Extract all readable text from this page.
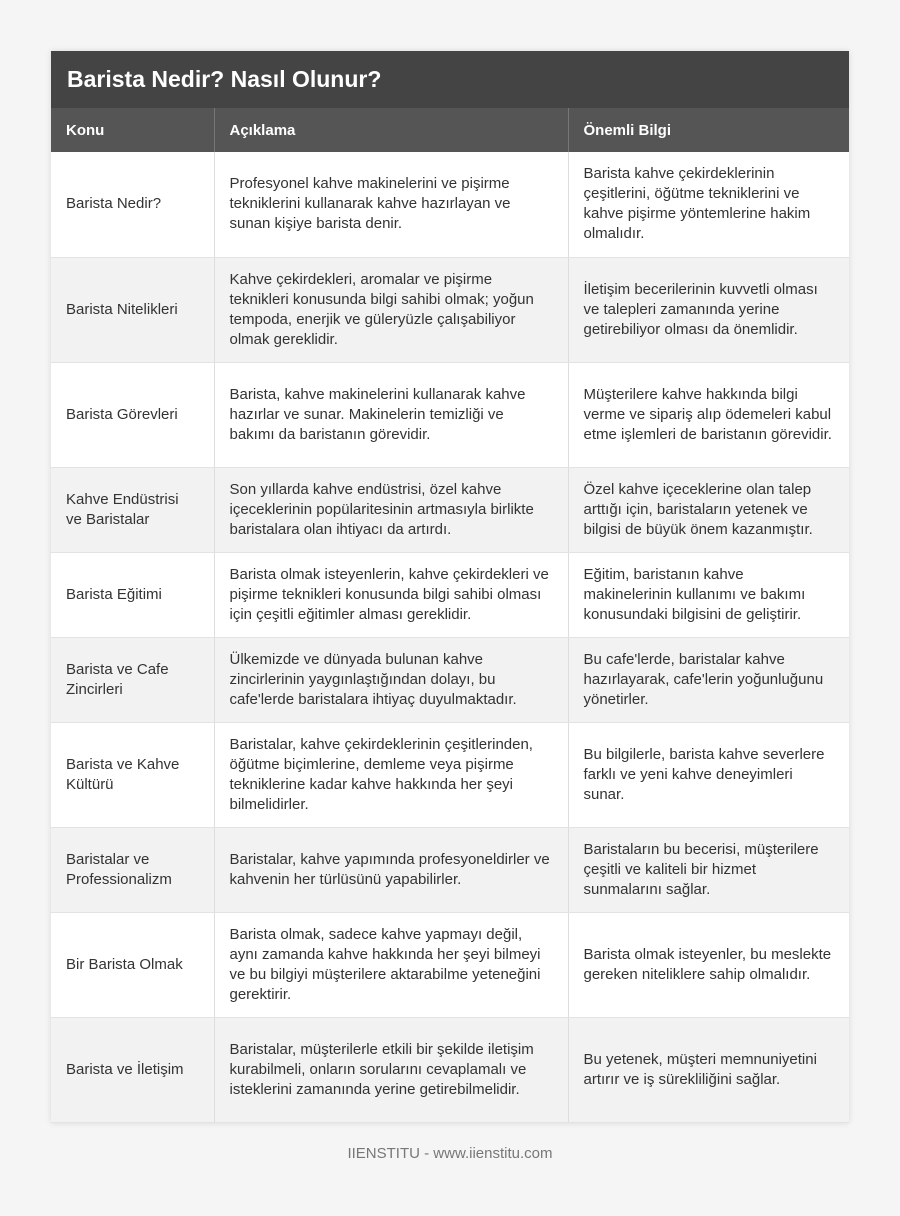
Barista Nedir? Nasıl Olunur?
Konu	Açıklama	Önemli Bilgi
Barista Nedir?	Profesyonel kahve makinelerini ve pişirme tekniklerini kullanarak kahve hazırlayan ve sunan kişiye barista denir.	Barista kahve çekirdeklerinin çeşitlerini, öğütme tekniklerini ve kahve pişirme yöntemlerine hakim olmalıdır.
Barista Nitelikleri	Kahve çekirdekleri, aromalar ve pişirme teknikleri konusunda bilgi sahibi olmak; yoğun tempoda, enerjik ve güleryüzle çalışabiliyor olmak gereklidir.	İletişim becerilerinin kuvvetli olması ve talepleri zamanında yerine getirebiliyor olması da önemlidir.
Barista Görevleri	Barista, kahve makinelerini kullanarak kahve hazırlar ve sunar. Makinelerin temizliği ve bakımı da baristanın görevidir.	Müşterilere kahve hakkında bilgi verme ve sipariş alıp ödemeleri kabul etme işlemleri de baristanın görevidir.
Kahve Endüstrisi ve Baristalar	Son yıllarda kahve endüstrisi, özel kahve içeceklerinin popülaritesinin artmasıyla birlikte baristalara olan ihtiyacı da artırdı.	Özel kahve içeceklerine olan talep arttığı için, baristaların yetenek ve bilgisi de büyük önem kazanmıştır.
Barista Eğitimi	Barista olmak isteyenlerin, kahve çekirdekleri ve pişirme teknikleri konusunda bilgi sahibi olması için çeşitli eğitimler alması gereklidir.	Eğitim, baristanın kahve makinelerinin kullanımı ve bakımı konusundaki bilgisini de geliştirir.
Barista ve Cafe Zincirleri	Ülkemizde ve dünyada bulunan kahve zincirlerinin yaygınlaştığından dolayı, bu cafe'lerde baristalara ihtiyaç duyulmaktadır.	Bu cafe'lerde, baristalar kahve hazırlayarak, cafe'lerin yoğunluğunu yönetirler.
Barista ve Kahve Kültürü	Baristalar, kahve çekirdeklerinin çeşitlerinden, öğütme biçimlerine, demleme veya pişirme tekniklerine kadar kahve hakkında her şeyi bilmelidirler.	Bu bilgilerle, barista kahve severlere farklı ve yeni kahve deneyimleri sunar.
Baristalar ve Professionalizm	Baristalar, kahve yapımında profesyoneldirler ve kahvenin her türlüsünü yapabilirler.	Baristaların bu becerisi, müşterilere çeşitli ve kaliteli bir hizmet sunmalarını sağlar.
Bir Barista Olmak	Barista olmak, sadece kahve yapmayı değil, aynı zamanda kahve hakkında her şeyi bilmeyi ve bu bilgiyi müşterilere aktarabilme yeteneğini gerektirir.	Barista olmak isteyenler, bu meslekte gereken niteliklere sahip olmalıdır.
Barista ve İletişim	Baristalar, müşterilerle etkili bir şekilde iletişim kurabilmeli, onların sorularını cevaplamalı ve isteklerini zamanında yerine getirebilmelidir.	Bu yetenek, müşteri memnuniyetini artırır ve iş sürekliliğini sağlar.
IIENSTITU - www.iienstitu.com
